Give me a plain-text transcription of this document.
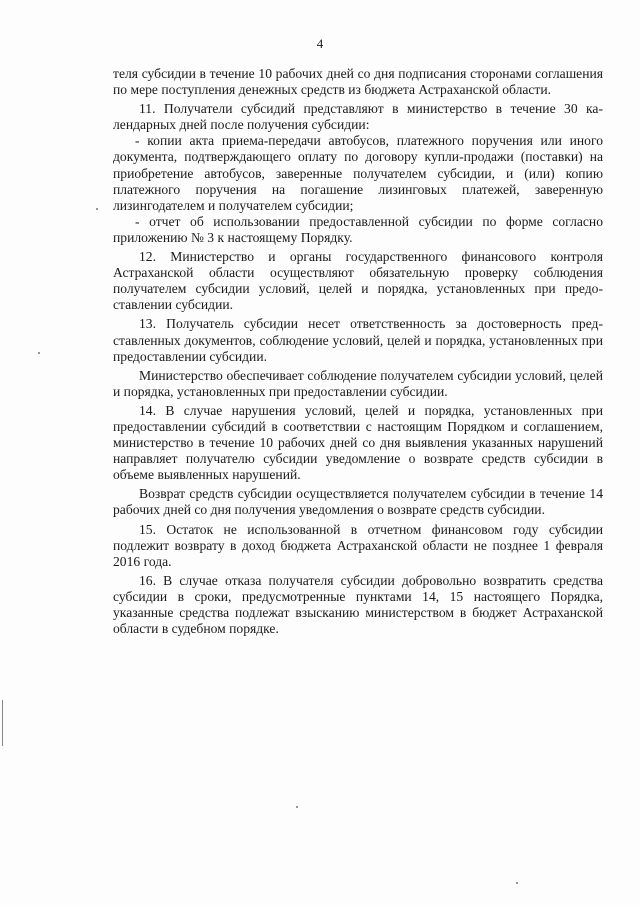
4

теля субсидии в течение 10 рабочих дней со дня подписания сторонами соглашения по мере поступления денежных средств из бюджета Астраханской области.

11. Получатели субсидий представляют в министерство в течение 30 календарных дней после получения субсидии:

- копии акта приема-передачи автобусов, платежного поручения или иного документа, подтверждающего оплату по договору купли-продажи (поставки) на приобретение автобусов, заверенные получателем субсидии, и (или) копию платежного поручения на погашение лизинговых платежей, заверенную лизингодателем и получателем субсидии;

- отчет об использовании предоставленной субсидии по форме согласно приложению № 3 к настоящему Порядку.

12. Министерство и органы государственного финансового контроля Астраханской области осуществляют обязательную проверку соблюдения получателем субсидии условий, целей и порядка, установленных при предоставлении субсидии.

13. Получатель субсидии несет ответственность за достоверность представленных документов, соблюдение условий, целей и порядка, установленных при предоставлении субсидии.

Министерство обеспечивает соблюдение получателем субсидии условий, целей и порядка, установленных при предоставлении субсидии.

14. В случае нарушения условий, целей и порядка, установленных при предоставлении субсидий в соответствии с настоящим Порядком и соглашением, министерство в течение 10 рабочих дней со дня выявления указанных нарушений направляет получателю субсидии уведомление о возврате средств субсидии в объеме выявленных нарушений.

Возврат средств субсидии осуществляется получателем субсидии в течение 14 рабочих дней со дня получения уведомления о возврате средств субсидии.

15. Остаток не использованной в отчетном финансовом году субсидии подлежит возврату в доход бюджета Астраханской области не позднее 1 февраля 2016 года.

16. В случае отказа получателя субсидии добровольно возвратить средства субсидии в сроки, предусмотренные пунктами 14, 15 настоящего Порядка, указанные средства подлежат взысканию министерством в бюджет Астраханской области в судебном порядке.
